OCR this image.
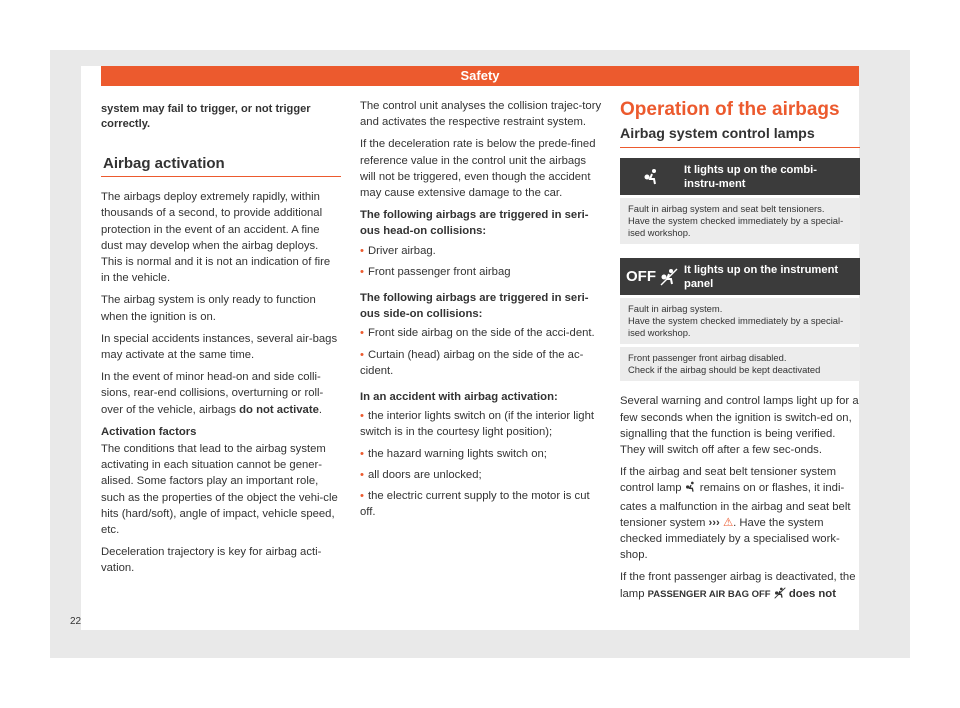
Safety
22

system may fail to trigger, or not trigger correctly.

Airbag activation

The airbags deploy extremely rapidly, within thousands of a second, to provide additional protection in the event of an accident. A fine dust may develop when the airbag deploys. This is normal and it is not an indication of fire in the vehicle.

The airbag system is only ready to function when the ignition is on.

In special accidents instances, several air-bags may activate at the same time.

In the event of minor head-on and side colli-sions, rear-end collisions, overturning or roll-over of the vehicle, airbags do not activate.

Activation factors

The conditions that lead to the airbag system activating in each situation cannot be gener-alised. Some factors play an important role, such as the properties of the object the vehi-cle hits (hard/soft), angle of impact, vehicle speed, etc.

Deceleration trajectory is key for airbag acti-vation.

The control unit analyses the collision trajec-tory and activates the respective restraint system.

If the deceleration rate is below the prede-fined reference value in the control unit the airbags will not be triggered, even though the accident may cause extensive damage to the car.

The following airbags are triggered in seri-ous head-on collisions:
• Driver airbag.
• Front passenger front airbag
The following airbags are triggered in seri-ous side-on collisions:
• Front side airbag on the side of the acci-dent.
• Curtain (head) airbag on the side of the ac-cident.
In an accident with airbag activation:
• the interior lights switch on (if the interior light switch is in the courtesy light position);
• the hazard warning lights switch on;
• all doors are unlocked;
• the electric current supply to the motor is cut off.
Operation of the airbags
Airbag system control lamps
It lights up on the combi-instru-ment
Fault in airbag system and seat belt tensioners.
Have the system checked immediately by a special-ised workshop.
OFF	It lights up on the instrument panel
Fault in airbag system.
Have the system checked immediately by a special-ised workshop.
Front passenger front airbag disabled.
Check if the airbag should be kept deactivated

Several warning and control lamps light up for a few seconds when the ignition is switch-ed on, signalling that the function is being verified. They will switch off after a few sec-onds.

If the airbag and seat belt tensioner system control lamp  remains on or flashes, it indi-cates a malfunction in the airbag and seat belt tensioner system ››› ⚠. Have the system checked immediately by a specialised work-shop.

If the front passenger airbag is deactivated, the lamp PASSENGER AIR BAG OFF  does not
